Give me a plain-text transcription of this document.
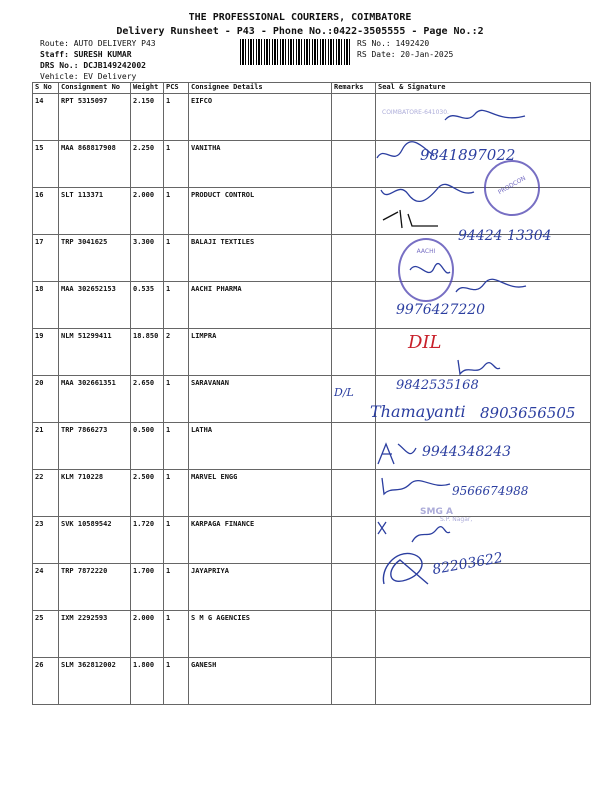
THE PROFESSIONAL COURIERS, COIMBATORE
Delivery Runsheet - P43 - Phone No.:0422-3505555 - Page No.:2
Route: AUTO DELIVERY P43
Staff: SURESH KUMAR
DRS No.: DCJB149242002
Vehicle: EV Delivery
RS No.: 1492420
RS Date: 20-Jan-2025
S No	Consignment No	Weight	PCS	Consignee Details	Remarks	Seal & Signature
14	RPT 5315097	2.150	1	EIFCO		
15	MAA 868817908	2.250	1	VANITHA		
16	SLT 113371	2.000	1	PRODUCT CONTROL		
17	TRP 3041625	3.300	1	BALAJI TEXTILES		
18	MAA 302652153	0.535	1	AACHI PHARMA		
19	NLM 51299411	18.850	2	LIMPRA		
20	MAA 302661351	2.650	1	SARAVANAN	D/L	
21	TRP 7866273	0.500	1	LATHA		
22	KLM 710228	2.500	1	MARVEL ENGG		
23	SVK 10589542	1.720	1	KARPAGA FINANCE		
24	TRP 7872220	1.700	1	JAYAPRIYA		
25	IXM 2292593	2.000	1	S M G AGENCIES		
26	SLM 362812002	1.800	1	GANESH		
COIMBATORE-641030.
9841897022
PRODCON
94424 13304
AACHI
9976427220
DIL
9842535168
Thamayanti 8903656505
9944348243
9566674988
SMG A
S.P. Nagar,
82203622
